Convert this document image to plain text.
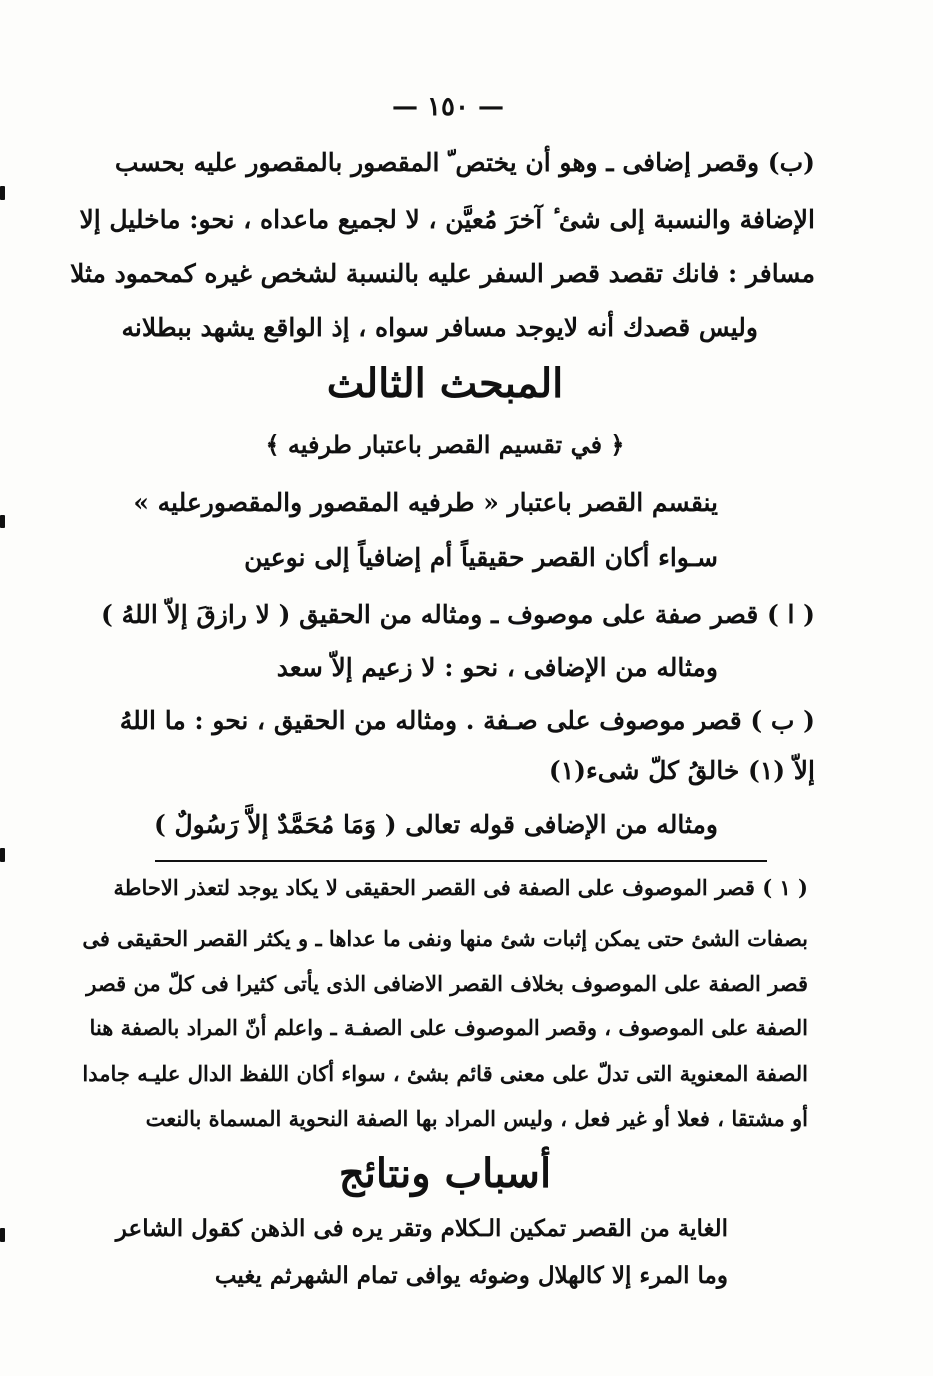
— ١٥٠ —
(ب) وقصر إضافى ـ وهو أن يختص ّ المقصور بالمقصور عليه بحسب
الإضافة والنسبة إلى شئ ٔ آخرَ مُعيَّن ، لا لجميع ماعداه ، نحو: ماخليل إلا
مسافر : فانك تقصد قصر السفر عليه بالنسبة لشخص غيره كمحمود مثلا
وليس قصدك أنه لايوجد مسافر سواه ، إذ الواقع يشهد ببطلانه
المبحث الثالث
﴿ في تقسيم القصر باعتبار طرفيه ﴾
ينقسم القصر باعتبار « طرفيه المقصور والمقصورعليه »
سـواء أكان القصر حقيقياً أم إضافياً إلى نوعين
( ا ) قصر صفة على موصوف ـ ومثاله من الحقيق ( لا رازقَ إلاّ اللهُ )
ومثاله من الإضافى ، نحو : لا زعيم إلاّ سعد
( ب ) قصر موصوف على صـفة . ومثاله من الحقيق ، نحو : ما اللهُ
إلاّ (١) خالقُ كلّ شیء(١)
ومثاله من الإضافى قوله تعالى ( وَمَا مُحَمَّدٌ إلاَّ رَسُولٌ )
( ١ ) قصر الموصوف على الصفة فى القصر الحقيقى لا يكاد يوجد لتعذر الاحاطة
بصفات الشئ حتى يمكن إثبات شئ منها ونفى ما عداها ـ و يكثر القصر الحقيقى فى
قصر الصفة على الموصوف بخلاف القصر الاضافى الذى يأتى كثيرا فى كلّ من قصر
الصفة على الموصوف ، وقصر الموصوف على الصفـة ـ واعلم أنّ المراد بالصفة هنا
الصفة المعنوية التى تدلّ على معنى قائم بشئ ، سواء أكان اللفظ الدال عليـه جامدا
أو مشتقا ، فعلا أو غير فعل ، وليس المراد بها الصفة النحوية المسماة بالنعت
أسباب ونتائج
الغاية من القصر تمكين الـكلام وتقر يره فى الذهن كقول الشاعر
وما المرء إلا كالهلال وضوئه يوافى تمام الشهرثم يغيب
